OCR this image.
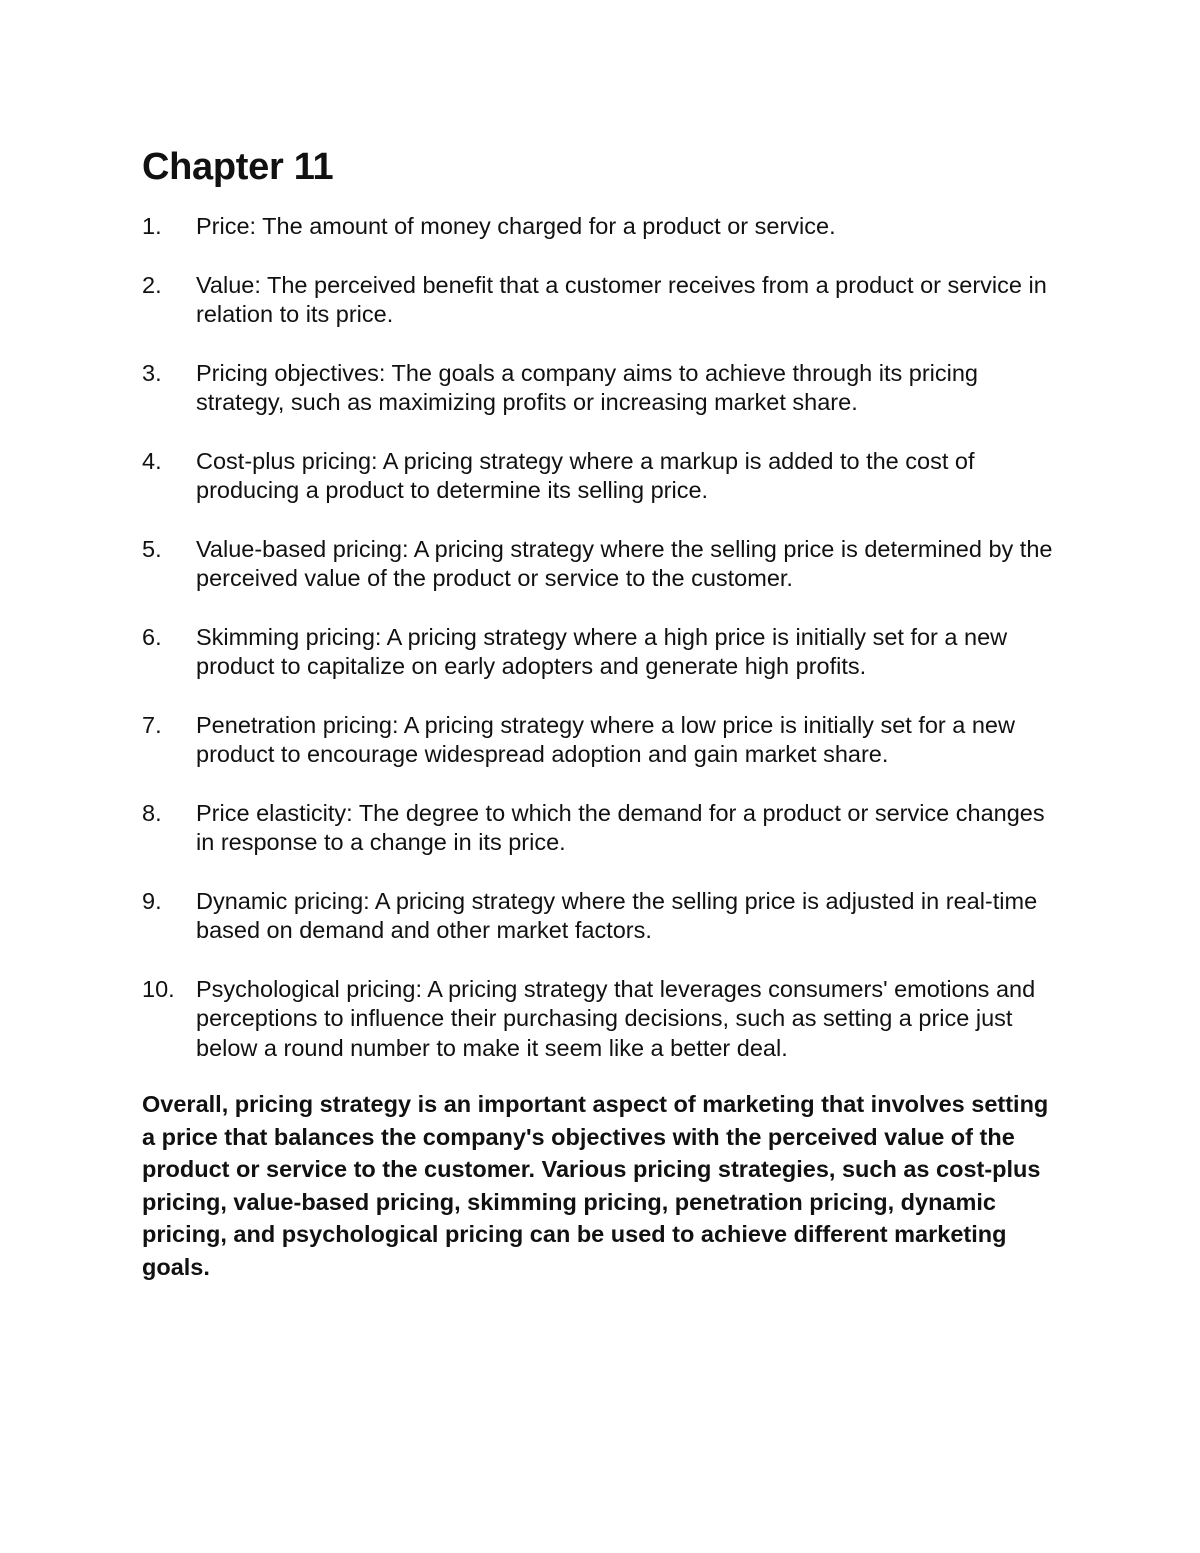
Chapter 11
1.	Price: The amount of money charged for a product or service.
2.	Value: The perceived benefit that a customer receives from a product or service in relation to its price.
3.	Pricing objectives: The goals a company aims to achieve through its pricing strategy, such as maximizing profits or increasing market share.
4.	Cost-plus pricing: A pricing strategy where a markup is added to the cost of producing a product to determine its selling price.
5.	Value-based pricing: A pricing strategy where the selling price is determined by the perceived value of the product or service to the customer.
6.	Skimming pricing: A pricing strategy where a high price is initially set for a new product to capitalize on early adopters and generate high profits.
7.	Penetration pricing: A pricing strategy where a low price is initially set for a new product to encourage widespread adoption and gain market share.
8.	Price elasticity: The degree to which the demand for a product or service changes in response to a change in its price.
9.	Dynamic pricing: A pricing strategy where the selling price is adjusted in real-time based on demand and other market factors.
10. Psychological pricing: A pricing strategy that leverages consumers' emotions and perceptions to influence their purchasing decisions, such as setting a price just below a round number to make it seem like a better deal.

Overall, pricing strategy is an important aspect of marketing that involves setting a price that balances the company's objectives with the perceived value of the product or service to the customer. Various pricing strategies, such as cost-plus pricing, value-based pricing, skimming pricing, penetration pricing, dynamic pricing, and psychological pricing can be used to achieve different marketing goals.
